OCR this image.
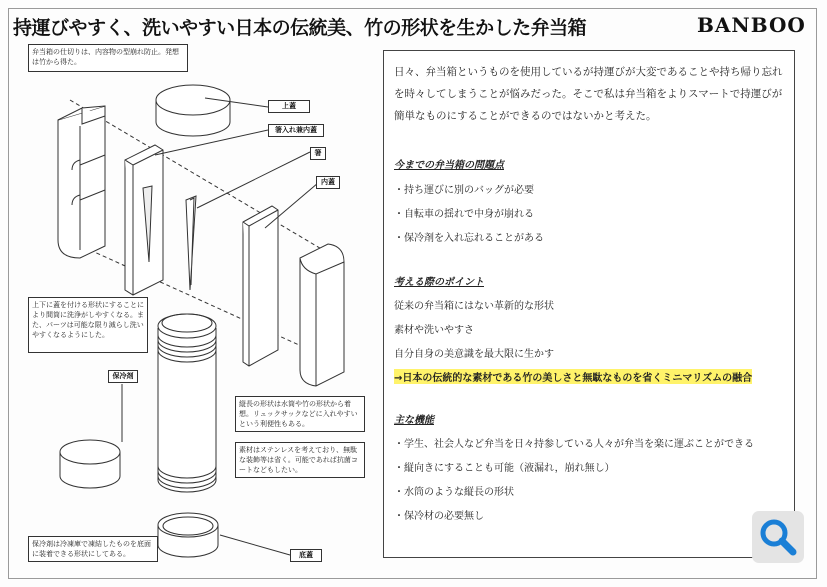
持運びやすく、洗いやすい日本の伝統美、竹の形状を生かした弁当箱	BANBOO
弁当箱の仕切りは、内容物の型崩れ防止。発想は竹から得た。
上下に蓋を付ける形状にすることにより間筒に洗浄がしやすくなる。また、パーツは可能な限り減らし洗いやすくなるようにした。
縦長の形状は水筒や竹の形状から着想。リュックサックなどに入れやすいという利便性もある。
素材はステンレスを考えており、無駄な装飾等は省く。可能であれば抗菌コートなどもしたい。
保冷剤は冷凍庫で凍結したものを底面に装着できる形状にしてある。
上蓋
箸入れ兼内蓋
箸
内蓋
保冷剤
底蓋
日々、弁当箱というものを使用しているが持運びが大変であることや持ち帰り忘れを時々してしまうことが悩みだった。そこで私は弁当箱をよりスマートで持運びが簡単なものにすることができるのではないかと考えた。
今までの弁当箱の問題点
・持ち運びに別のバッグが必要
・自転車の揺れで中身が崩れる
・保冷剤を入れ忘れることがある
考える際のポイント
従来の弁当箱にはない革新的な形状
素材や洗いやすさ
自分自身の美意識を最大限に生かす
→日本の伝統的な素材である竹の美しさと無駄なものを省くミニマリズムの融合
主な機能
・学生、社会人など弁当を日々持参している人々が弁当を楽に運ぶことができる
・縦向きにすることも可能（液漏れ，崩れ無し）
・水筒のような縦長の形状
・保冷材の必要無し
